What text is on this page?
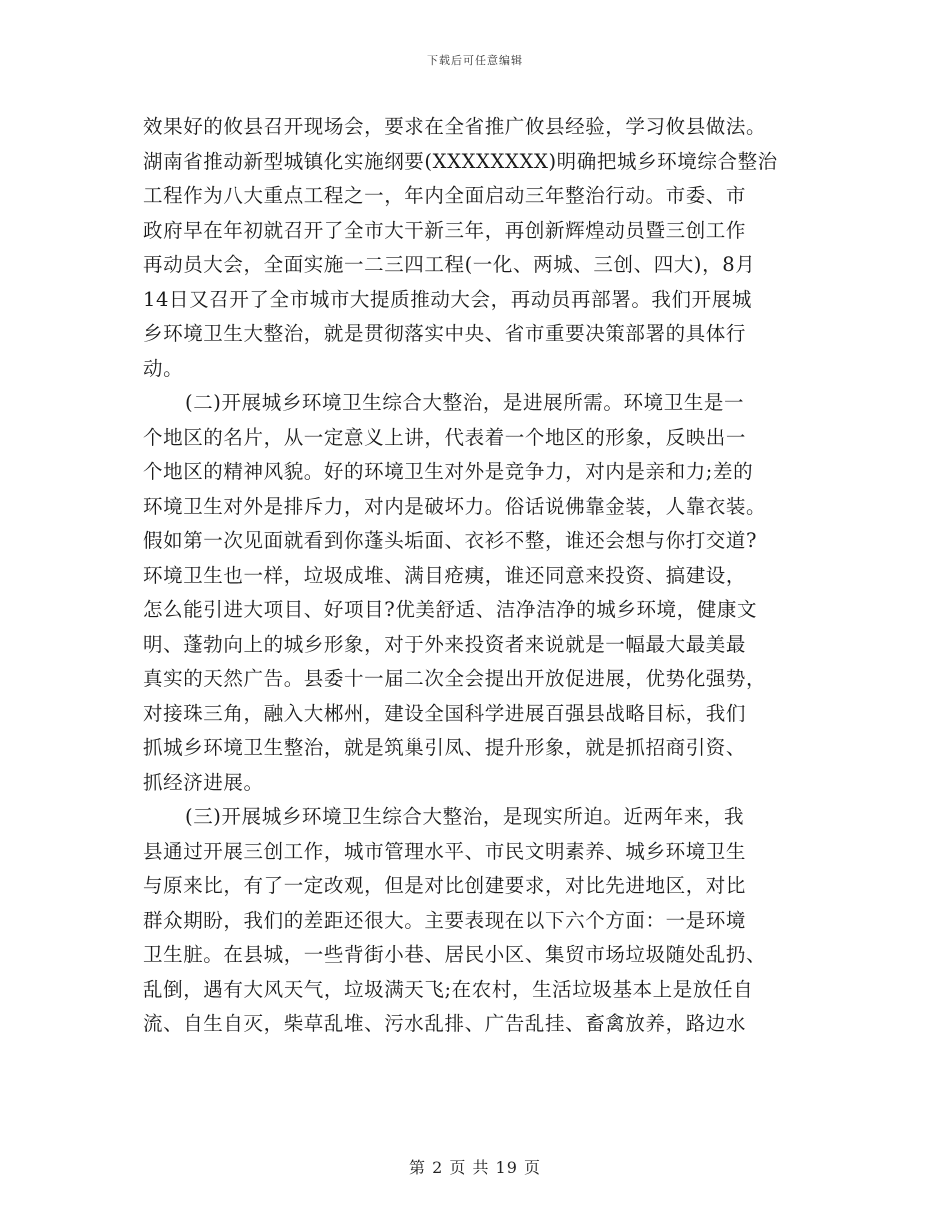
下载后可任意编辑
效果好的攸县召开现场会，要求在全省推广攸县经验，学习攸县做法。
湖南省推动新型城镇化实施纲要(XXXXXXXX)明确把城乡环境综合整治
工程作为八大重点工程之一，年内全面启动三年整治行动。市委、市
政府早在年初就召开了全市大干新三年，再创新辉煌动员暨三创工作
再动员大会，全面实施一二三四工程(一化、两城、三创、四大)，8月
14日又召开了全市城市大提质推动大会，再动员再部署。我们开展城
乡环境卫生大整治，就是贯彻落实中央、省市重要决策部署的具体行
动。
(二)开展城乡环境卫生综合大整治，是进展所需。环境卫生是一
个地区的名片，从一定意义上讲，代表着一个地区的形象，反映出一
个地区的精神风貌。好的环境卫生对外是竞争力，对内是亲和力;差的
环境卫生对外是排斥力，对内是破坏力。俗话说佛靠金装，人靠衣装。
假如第一次见面就看到你蓬头垢面、衣衫不整，谁还会想与你打交道?
环境卫生也一样，垃圾成堆、满目疮痍，谁还同意来投资、搞建设，
怎么能引进大项目、好项目?优美舒适、洁净洁净的城乡环境，健康文
明、蓬勃向上的城乡形象，对于外来投资者来说就是一幅最大最美最
真实的天然广告。县委十一届二次全会提出开放促进展，优势化强势，
对接珠三角，融入大郴州，建设全国科学进展百强县战略目标，我们
抓城乡环境卫生整治，就是筑巢引凤、提升形象，就是抓招商引资、
抓经济进展。
(三)开展城乡环境卫生综合大整治，是现实所迫。近两年来，我
县通过开展三创工作，城市管理水平、市民文明素养、城乡环境卫生
与原来比，有了一定改观，但是对比创建要求，对比先进地区，对比
群众期盼，我们的差距还很大。主要表现在以下六个方面：一是环境
卫生脏。在县城，一些背街小巷、居民小区、集贸市场垃圾随处乱扔、
乱倒，遇有大风天气，垃圾满天飞;在农村，生活垃圾基本上是放任自
流、自生自灭，柴草乱堆、污水乱排、广告乱挂、畜禽放养，路边水
第 2 页 共 19 页
